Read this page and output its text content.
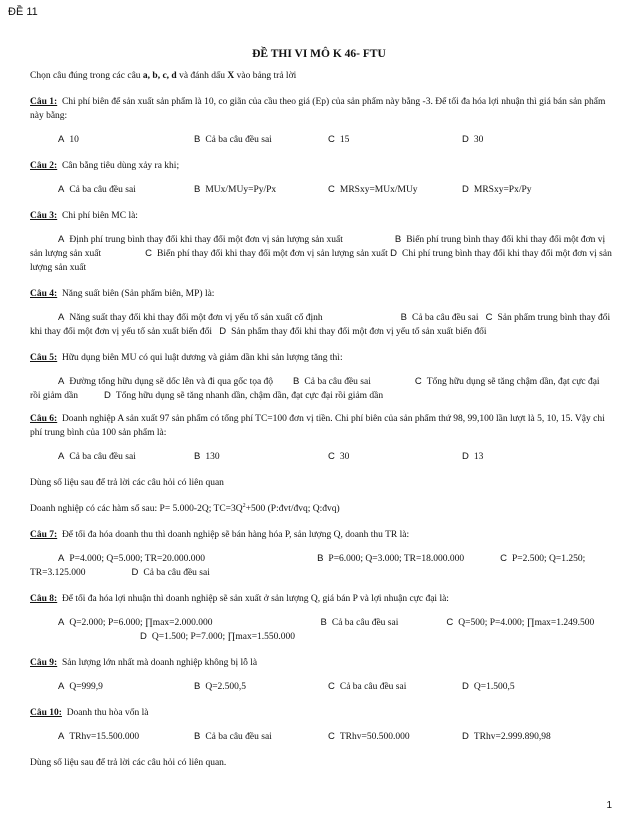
ĐỀ 11
ĐỀ THI VI MÔ K 46- FTU

Chọn câu đúng trong các câu a, b, c, d và đánh dấu X vào bảng trả lời

Câu 1: Chi phí biên để sản xuất sản phẩm là 10, co giãn của cầu theo giá (Ep) của sản phẩm này bằng -3. Để tối đa hóa lợi nhuận thì giá bán sản phẩm này bằng:

A 10	B Cả ba câu đều sai	C 15	D 30

Câu 2: Cân bằng tiêu dùng xảy ra khi;

A Cả ba câu đều sai	B MUx/MUy=Py/Px	C MRSxy=MUx/MUy	D MRSxy=Px/Py

Câu 3: Chi phí biên MC là:

A Định phí trung bình thay đổi khi thay đổi một đơn vị sản lượng sản xuất	B Biến phí trung bình thay đổi khi thay đổi một đơn vị sản lượng sản xuất	C Biến phí thay đổi khi thay đổi một đơn vị sản lượng sản xuất D Chi phí trung bình thay đổi khi thay đổi một đơn vị sản lượng sản xuất

Câu 4: Năng suất biên (Sản phẩm biên, MP) là:

A Năng suất thay đổi khi thay đổi một đơn vị yếu tố sản xuất cố định	B Cả ba câu đều sai C Sản phẩm trung bình thay đổi khi thay đổi một đơn vị yếu tố sản xuất biến đổi D Sản phẩm thay đổi khi thay đổi một đơn vị yếu tố sản xuất biến đổi

Câu 5: Hữu dụng biên MU có qui luật dương và giảm dần khi sản lượng tăng thì:

A Đường tổng hữu dụng sẽ dốc lên và đi qua gốc tọa độ B Cả ba câu đều sai	C Tổng hữu dụng sẽ tăng chậm dần, đạt cực đại rồi giảm dần	D Tổng hữu dụng sẽ tăng nhanh dần, chậm dần, đạt cực đại rồi giảm dần

Câu 6: Doanh nghiệp A sản xuất 97 sản phẩm có tổng phí TC=100 đơn vị tiền. Chi phí biên của sản phẩm thứ 98, 99,100 lần lượt là 5, 10, 15. Vậy chi phí trung bình của 100 sản phẩm là:

A Cả ba câu đều sai	B 130	C 30	D 13

Dùng số liệu sau để trả lời các câu hỏi có liên quan

Doanh nghiệp có các hàm số sau: P= 5.000-2Q; $TC=3Q^2+500$ (P:đvt/đvq; Q:đvq)

Câu 7: Để tối đa hóa doanh thu thì doanh nghiệp sẽ bán hàng hóa P, sản lượng Q, doanh thu TR là:

A P=4.000; Q=5.000; TR=20.000.000	B P=6.000; Q=3.000; TR=18.000.000	C P=2.500; Q=1.250; TR=3.125.000	D Cả ba câu đều sai

Câu 8: Để tối đa hóa lợi nhuận thì doanh nghiệp sẽ sản xuất ở sản lượng Q, giá bán P và lợi nhuận cực đại là:

A Q=2.000; P=6.000; ∏max=2.000.000	B Cả ba câu đều sai	C Q=500; P=4.000; ∏max=1.249.500D Q=1.500; P=7.000; ∏max=1.550.000

Câu 9: Sản lượng lớn nhất mà doanh nghiệp không bị lỗ là

A Q=999,9	B Q=2.500,5	C Cả ba câu đều sai	D Q=1.500,5

Câu 10: Doanh thu hòa vốn là

A TRhv=15.500.000	B Cả ba câu đều sai	C TRhv=50.500.000	D TRhv=2.999.890,98

Dùng số liệu sau để trả lời các câu hỏi có liên quan.

1
